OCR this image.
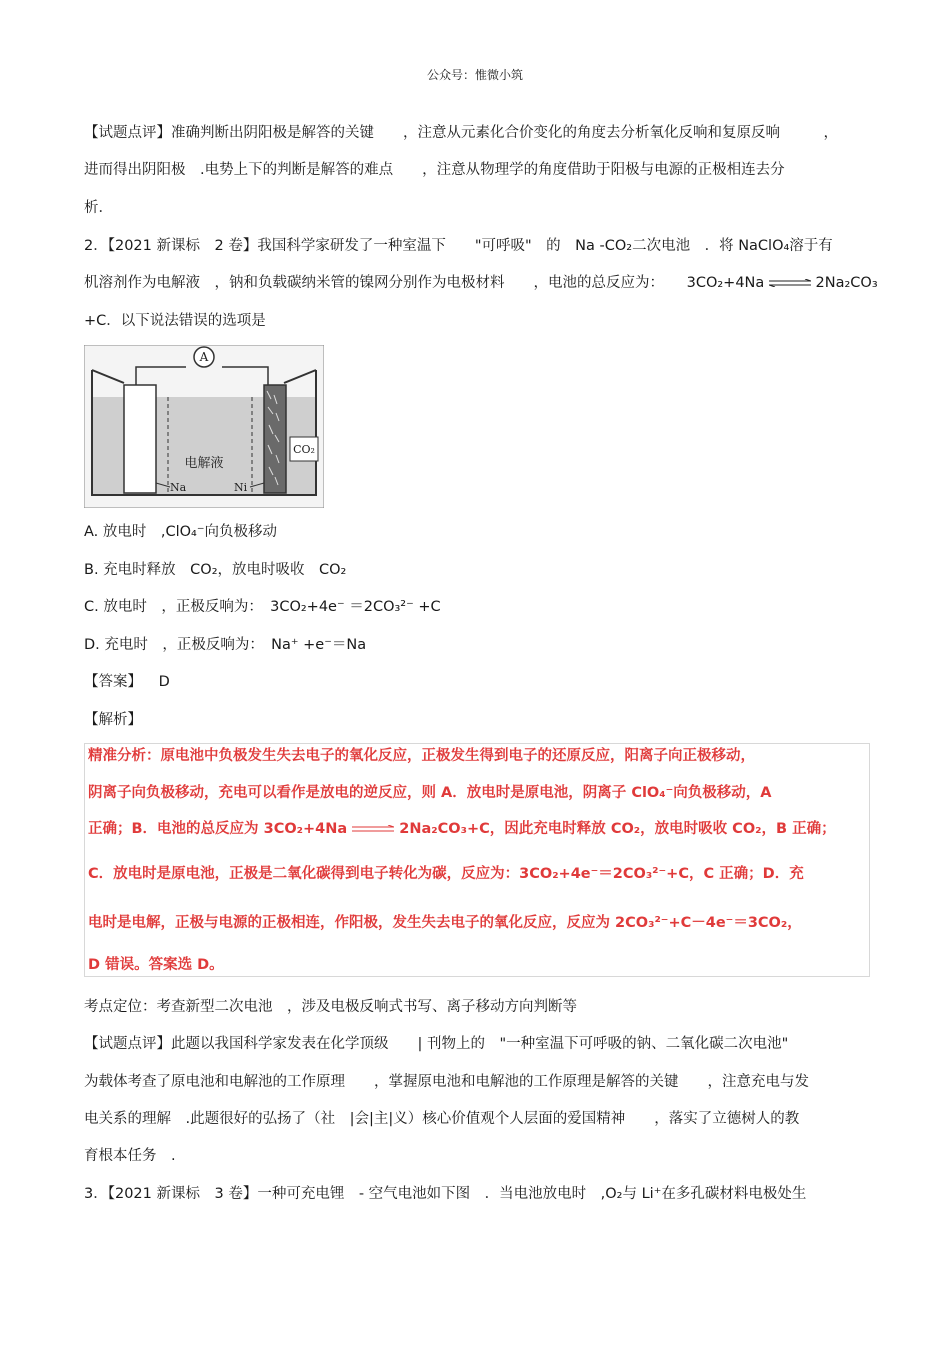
公众号：惟微小筑
【试题点评】准确判断出阴阳极是解答的关键　　，注意从元素化合价变化的角度去分析氧化反响和复原反响　　　，
进而得出阴阳极　.电势上下的判断是解答的难点　　，注意从物理学的角度借助于阳极与电源的正极相连去分
析．
2．【2021 新课标　2 卷】我国科学家研发了一种室温下　　"可呼吸"　的　Na -CO₂二次电池　．将 NaClO₄溶于有
机溶剂作为电解液　，钠和负载碳纳米管的镍网分别作为电极材料　　，电池的总反应为： 3CO₂+4Na ⇌ 2Na₂CO₃
+C．以下说法错误的选项是
A
CO₂
电解液
Na	Ni
A. 放电时　,ClO₄⁻向负极移动
B. 充电时释放　CO₂，放电时吸收　CO₂
C. 放电时　，正极反响为：　3CO₂+4e⁻ ＝2CO₃²⁻ +C
D. 充电时　，正极反响为：　Na⁺ +e⁻＝Na
【答案】 D
【解析】
精准分析：原电池中负极发生失去电子的氧化反应，正极发生得到电子的还原反应，阳离子向正极移动，
阴离子向负极移动，充电可以看作是放电的逆反应，则 A．放电时是原电池，阴离子 ClO₄⁻向负极移动，A
正确；B．电池的总反应为 3CO₂+4Na	2Na₂CO₃+C，因此充电时释放 CO₂，放电时吸收 CO₂，B 正确；
C．放电时是原电池，正极是二氧化碳得到电子转化为碳，反应为：3CO₂+4e⁻＝2CO₃²⁻+C，C 正确；D．充
电时是电解，正极与电源的正极相连，作阳极，发生失去电子的氧化反应，反应为 2CO₃²⁻+C－4e⁻＝3CO₂，
D 错误。答案选 D。
考点定位：考查新型二次电池　，涉及电极反响式书写、离子移动方向判断等
【试题点评】此题以我国科学家发表在化学顶级　　| 刊物上的　"一种室温下可呼吸的钠、二氧化碳二次电池"
为载体考查了原电池和电解池的工作原理　　，掌握原电池和电解池的工作原理是解答的关键　　，注意充电与发
电关系的理解　.此题很好的弘扬了（社　|会|主|义）核心价值观个人层面的爱国精神　　，落实了立德树人的教
育根本任务　.
3．【2021 新课标　3 卷】一种可充电锂　- 空气电池如下图　．当电池放电时　,O₂与 Li⁺在多孔碳材料电极处生
